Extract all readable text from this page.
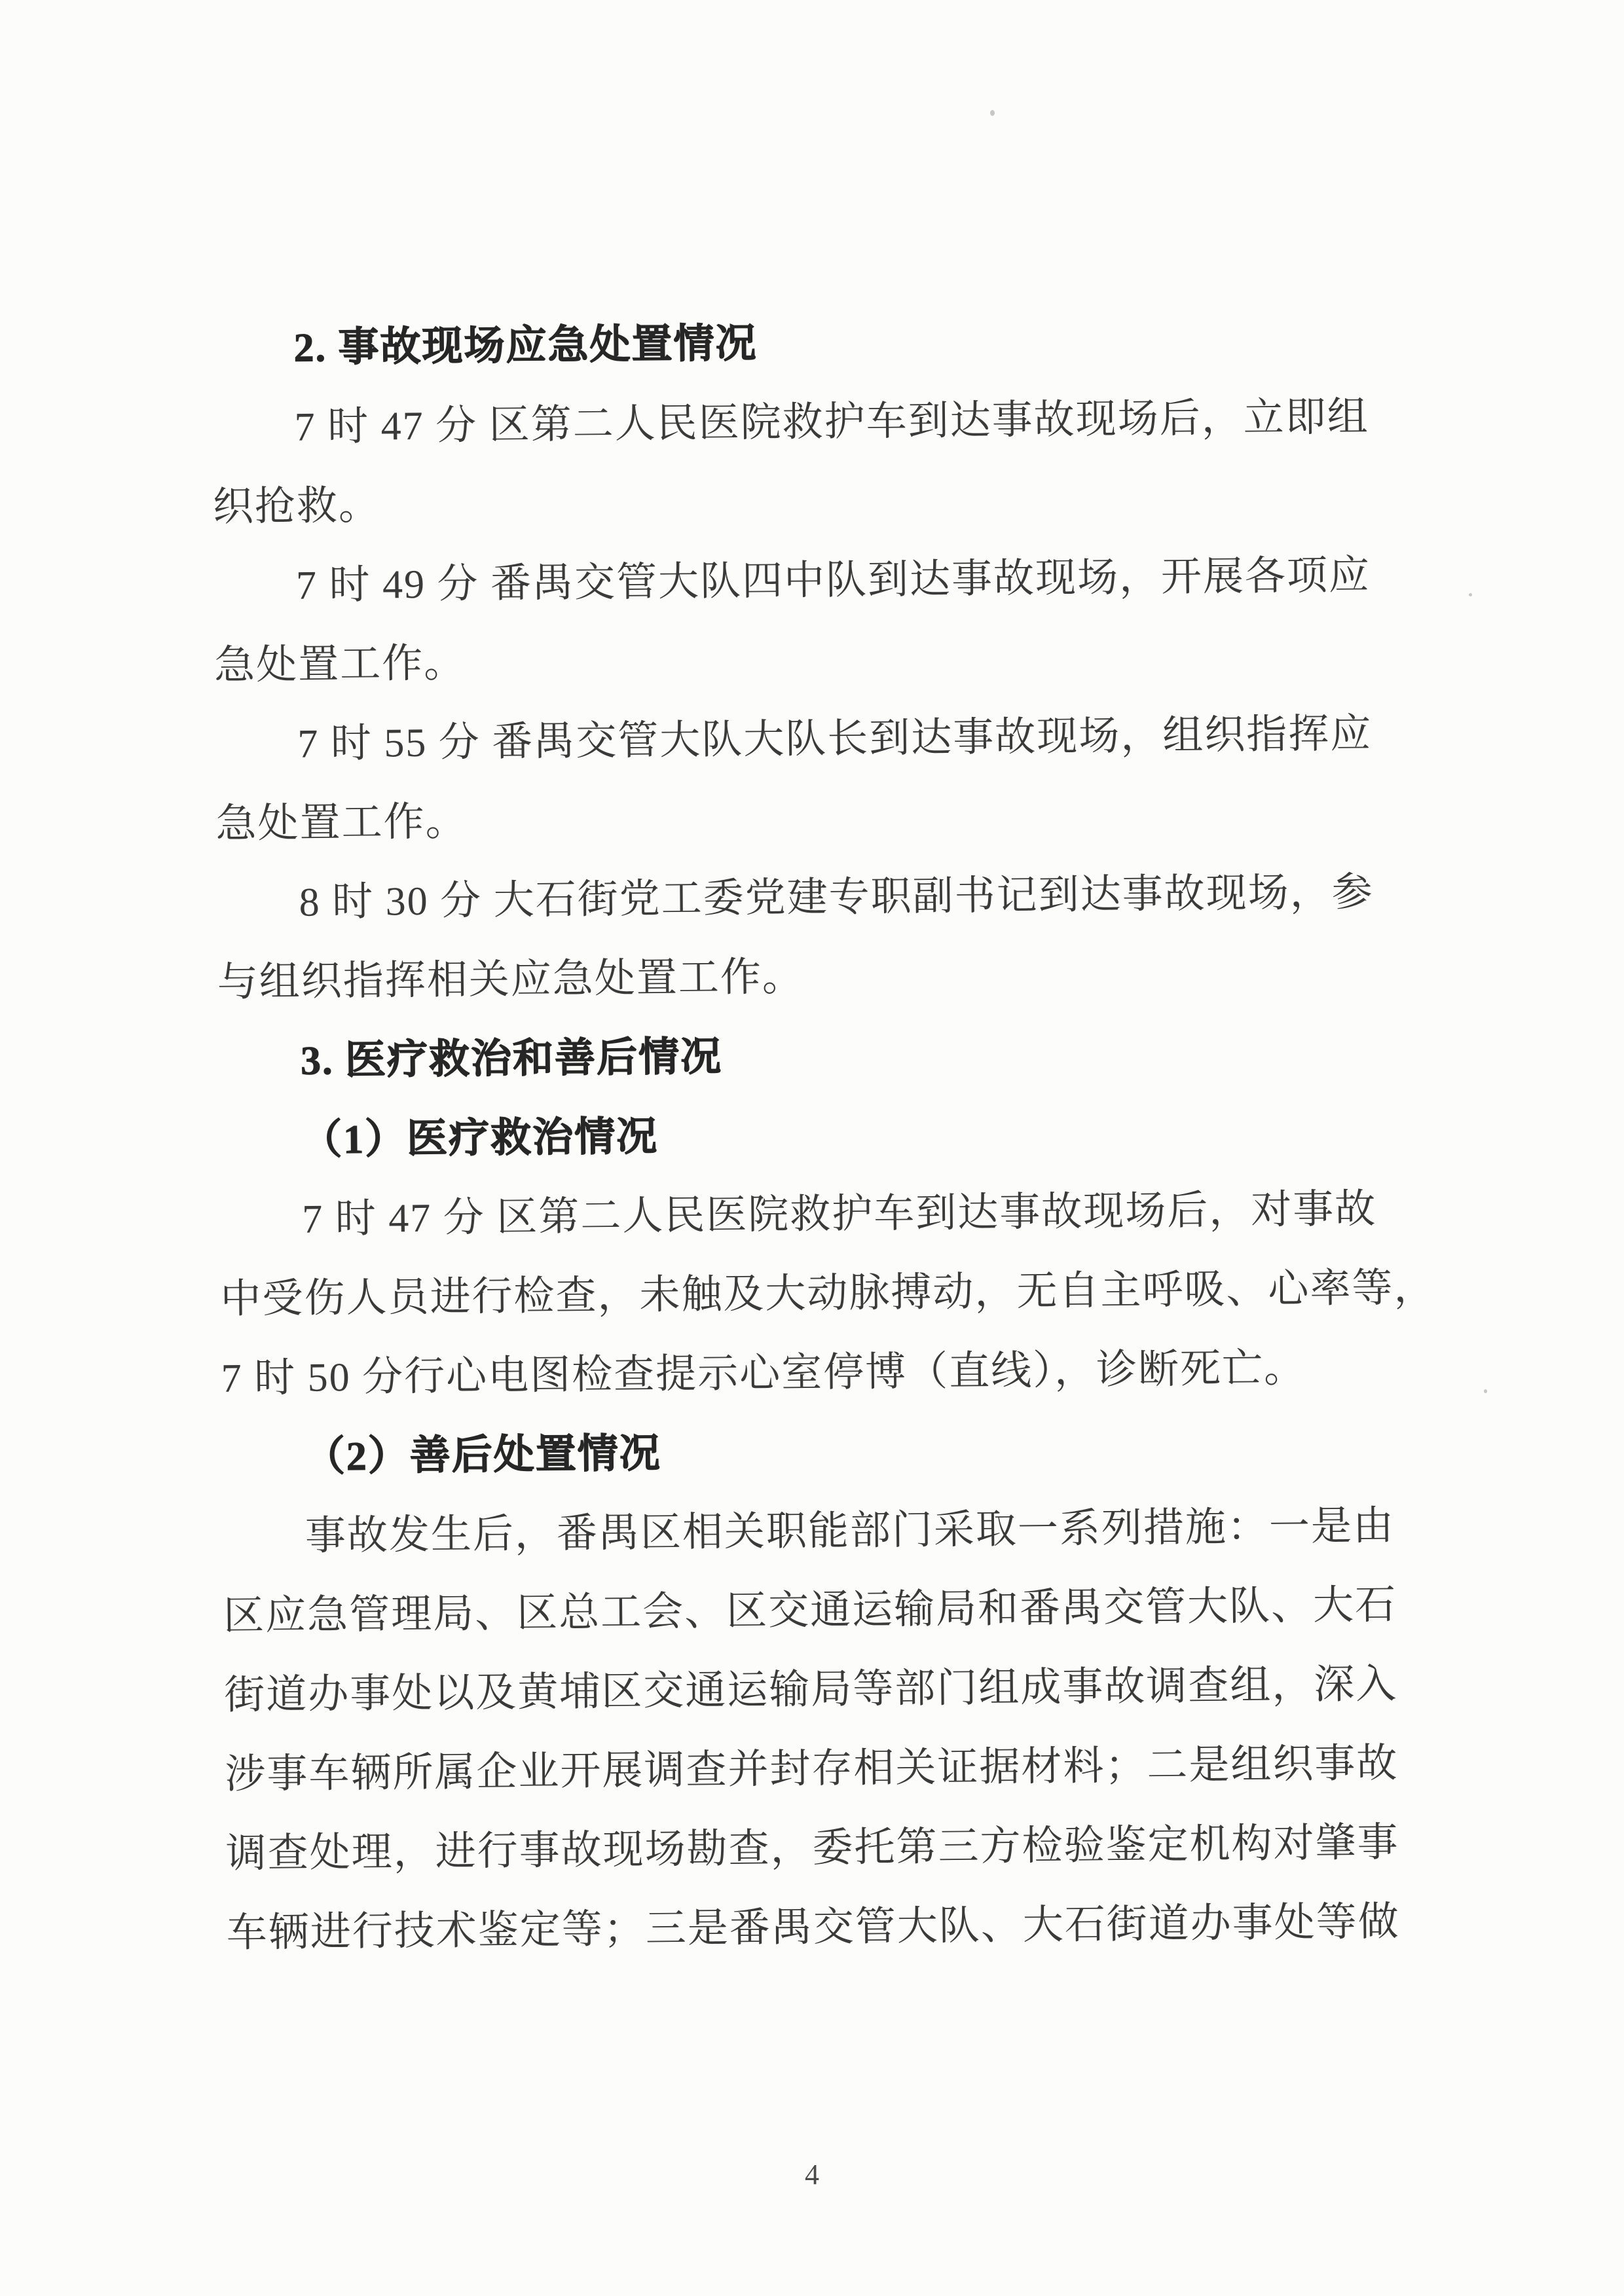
2. 事故现场应急处置情况
7 时 47 分 区第二人民医院救护车到达事故现场后，立即组
织抢救。
7 时 49 分 番禺交管大队四中队到达事故现场，开展各项应
急处置工作。
7 时 55 分 番禺交管大队大队长到达事故现场，组织指挥应
急处置工作。
8 时 30 分 大石街党工委党建专职副书记到达事故现场，参
与组织指挥相关应急处置工作。
3. 医疗救治和善后情况
（1）医疗救治情况
7 时 47 分 区第二人民医院救护车到达事故现场后，对事故
中受伤人员进行检查，未触及大动脉搏动，无自主呼吸、心率等，
7 时 50 分行心电图检查提示心室停博（直线），诊断死亡。
（2）善后处置情况
事故发生后，番禺区相关职能部门采取一系列措施：一是由
区应急管理局、区总工会、区交通运输局和番禺交管大队、大石
街道办事处以及黄埔区交通运输局等部门组成事故调查组，深入
涉事车辆所属企业开展调查并封存相关证据材料；二是组织事故
调查处理，进行事故现场勘查，委托第三方检验鉴定机构对肇事
车辆进行技术鉴定等；三是番禺交管大队、大石街道办事处等做
4
